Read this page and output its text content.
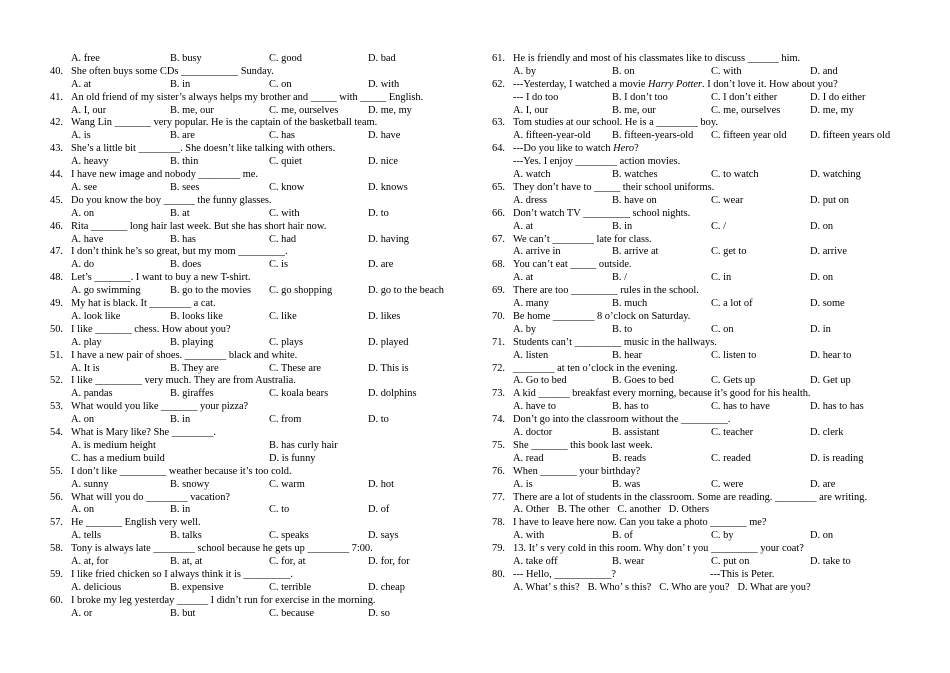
A. free	B. busy	C. good	D. bad
40. She often buys some CDs ___________ Sunday.
A. at	B. in	C. on	D. with
41. An old friend of my sister’s always helps my brother and _____ with _____ English.
A. I, our	B. me, our	C. me, ourselves	D. me, my
42. Wang Lin _______ very popular. He is the captain of the basketball team.
A. is	B. are	C. has	D. have
43. She’s a little bit ________. She doesn’t like talking with others.
A. heavy	B. thin	C. quiet	D. nice
44. I have new image and nobody ________ me.
A. see	B. sees	C. know	D. knows
45. Do you know the boy ______ the funny glasses.
A. on	B. at	C. with	D. to
46. Rita _______ long hair last week. But she has short hair now.
A. have	B. has	C. had	D. having
47. I don’t think he’s so great, but my mom _________.
A. do	B. does	C. is	D. are
48. Let’s _______. I want to buy a new T-shirt.
A. go swimming	B. go to the movies C. go shopping	D. go to the beach
49. My hat is black. It ________ a cat.
A. look like	B. looks like	C. like	D. likes
50. I like _______ chess. How about you?
A. play	B. playing	C. plays	D. played
51. I have a new pair of shoes. ________ black and white.
A. It is	B. They are	C. These are	D. This is
52. I like _________ very much. They are from Australia.
A. pandas	B. giraffes	C. koala bears	D. dolphins
53. What would you like _______ your pizza?
A. on	B. in	C. from	D. to
54. What is Mary like? She ________.
A. is medium height	B. has curly hair
C. has a medium build	D. is funny
55. I don’t like _________ weather because it’s too cold.
A. sunny	B. snowy	C. warm	D. hot
56. What will you do ________ vacation?
A. on	B. in	C. to	D. of
57. He _______ English very well.
A. tells	B. talks	C. speaks	D. says
58. Tony is always late ________ school because he gets up ________ 7:00.
A. at, for	B. at, at	C. for, at	D. for, for
59. I like fried chicken so I always think it is _________.
A. delicious	B. expensive	C. terrible	D. cheap
60. I broke my leg yesterday ______ I didn’t run for exercise in the morning.
A. or	B. but	C. because	D. so
61. He is friendly and most of his classmates like to discuss ______ him.
A. by	B. on	C. with	D. and
62. ---Yesterday, I watched a movie Harry Potter. I don’t love it. How about you?
--- I do too	B. I don’t too	C. I don’t either	D. I do either
A. I, our	B. me, our	C. me, ourselves	D. me, my
63. Tom studies at our school. He is a ________ boy.
A. fifteen-year-old B. fifteen-years-old C. fifteen year old D. fifteen years old
64. ---Do you like to watch Hero?
---Yes. I enjoy ________ action movies.
A. watch	B. watches	C. to watch	D. watching
65. They don’t have to _____ their school uniforms.
A. dress	B. have on	C. wear	D. put on
66. Don’t watch TV _________ school nights.
A. at	B. in	C. /	D. on
67. We can’t ________ late for class.
A. arrive in	B. arrive at	C. get to	D. arrive
68. You can’t eat _____ outside.
A. at	B. /	C. in	D. on
69. There are too _________ rules in the school.
A. many	B. much	C. a lot of	D. some
70. Be home ________ 8 o’clock on Saturday.
A. by	B. to	C. on	D. in
71. Students can’t _________ music in the hallways.
A. listen	B. hear	C. listen to	D. hear to
72. ________ at ten o’clock in the evening.
A. Go to bed	B. Goes to bed	C. Gets up	D. Get up
73. A kid ______ breakfast every morning, because it’s good for his health.
A. have to	B. has to	C. has to have	D. has to has
74. Don’t go into the classroom without the _________.
A. doctor	B. assistant	C. teacher	D. clerk
75. She _______ this book last week.
A. read	B. reads	C. readed	D. is reading
76. When _______ your birthday?
A. is	B. was	C. were	D. are
77. There are a lot of students in the classroom. Some are reading. ________ are writing.
A. Other B. The other C. another D. Others
78. I have to leave here now. Can you take a photo _______ me?
A. with	B. of	C. by	D. on
79. 13. It’ s very cold in this room. Why don’ t you _________ your coat?
A. take off	B. wear	C. put on	D. take to
80. --- Hello, ___________?	---This is Peter.
A. What’ s this? B. Who’ s this? C. Who are you? D. What are you?
